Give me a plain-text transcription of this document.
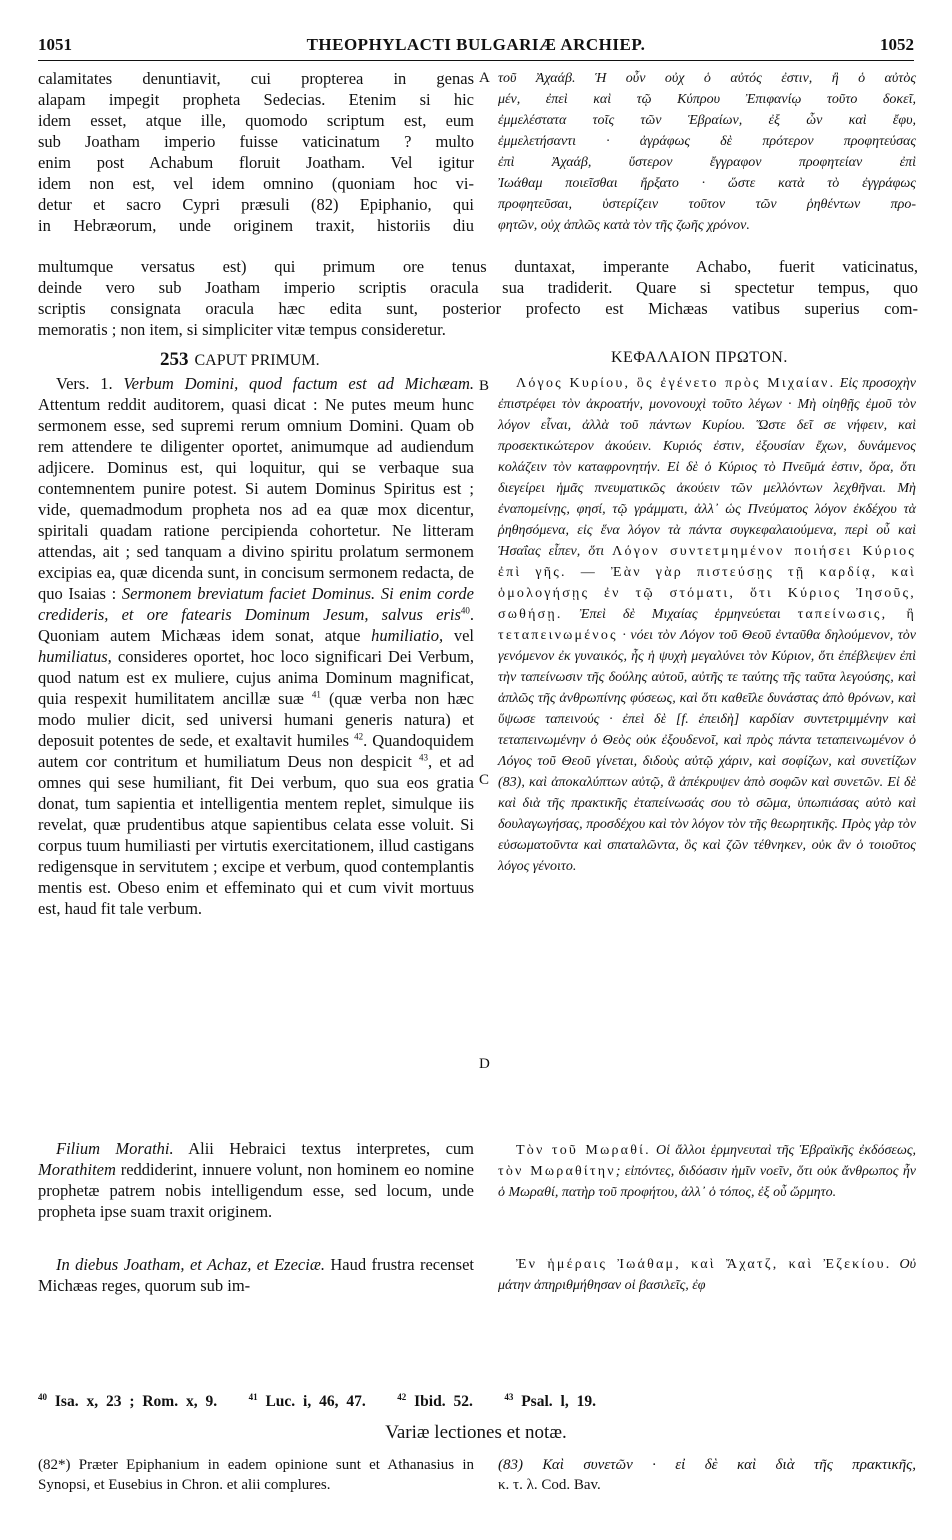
1051	THEOPHYLACTI BULGARIÆ ARCHIEP.	1052

calamitates denuntiavit, cui propterea in genas

alapam impegit propheta Sedecias. Etenim si hic

idem esset, atque ille, quomodo scriptum est, eum

sub Joatham imperio fuisse vaticinatum ? multo

enim post Achabum floruit Joatham. Vel igitur

idem non est, vel idem omnino (quoniam hoc vi-

detur et sacro Cypri præsuli (82) Epiphanio, qui

in Hebræorum, unde originem traxit, historiis diu

A τοῦ Ἀχαάβ. Ἡ οὖν οὐχ ὁ αὐτός ἐστιν, ἢ ὁ αὐτὸς

μέν, ἐπεὶ καὶ τῷ Κύπρου Ἐπιφανίῳ τοῦτο δοκεῖ,

ἐμμελέστατα τοῖς τῶν Ἑβραίων, ἐξ ὧν καὶ ἔφυ,

ἐμμελετήσαντι · ἀγράφως δὲ πρότερον προφητεύσας

ἐπὶ Ἀχαάβ, ὕστερον ἔγγραφον προφητείαν ἐπὶ

Ἰωάθαμ ποιεῖσθαι ἤρξατο · ὥστε κατὰ τὸ ἐγγράφως

προφητεῦσαι, ὑστερίζειν τοῦτον τῶν ῥηθέντων προ-

φητῶν, οὐχ ἁπλῶς κατὰ τὸν τῆς ζωῆς χρόνον.

multumque versatus est) qui primum ore tenus duntaxat, imperante Achabo, fuerit vaticinatus,

deinde vero sub Joatham imperio scriptis oracula sua tradiderit. Quare si spectetur tempus, quo

scriptis consignata oracula hæc edita sunt, posterior profecto est Michæas vatibus superius com-

memoratis ; non item, si simpliciter vitæ tempus consideretur.

253 CAPUT PRIMUM.	ΚΕΦΑΛΑΙΟΝ ΠΡΩΤΟΝ.

Vers. 1. Verbum Domini, quod factum est ad Michæam. Attentum reddit auditorem, quasi dicat : Ne putes meum hunc sermonem esse, sed supremi rerum omnium Domini. Quam ob rem attendere te diligenter oportet, animumque ad audiendum adjicere. Dominus est, qui loquitur, qui se verbaque sua contemnentem punire potest. Si autem Dominus Spiritus est ; vide, quemadmodum propheta nos ad ea quæ mox dicentur, spiritali quadam ratione percipienda cohortetur. Ne litteram attendas, ait ; sed tanquam a divino spiritu prolatum sermonem excipias ea, quæ dicenda sunt, in concisum sermonem redacta, de quo Isaias : Sermonem breviatum faciet Dominus. Si enim corde credideris, et ore fatearis Dominum Jesum, salvus eris$^{40}$. Quoniam autem Michæas idem sonat, atque humiliatio, vel humiliatus, consideres oportet, hoc loco significari Dei Verbum, quod natum est ex muliere, cujus anima Dominum magnificat, quia respexit humilitatem ancillæ suæ $^{41}$ (quæ verba non hæc modo mulier dicit, sed universi humani generis natura) et deposuit potentes de sede, et exaltavit humiles $^{42}$. Quandoquidem autem cor contritum et humiliatum Deus non despicit $^{43}$, et ad omnes qui sese humiliant, fit Dei verbum, quo sua eos gratia donat, tum sapientia et intelligentia mentem replet, simulque iis revelat, quæ prudentibus atque sapientibus celata esse voluit. Si corpus tuum humiliasti per virtutis exercitationem, illud castigans redigensque in servitutem ; excipe et verbum, quod contemplantis mentis est. Obeso enim et effeminato qui et cum vivit mortuus est, haud fit tale verbum.

B	Λόγος Κυρίου, ὃς ἐγένετο πρὸς Μιχαίαν. Εἰς προσοχὴν ἐπιστρέφει τὸν ἀκροατήν, μονονουχὶ τοῦτο λέγων · Μὴ οἰηθῇς ἐμοῦ τὸν λόγον εἶναι, ἀλλὰ τοῦ πάντων Κυρίου. Ὥστε δεῖ σε νήφειν, καὶ προσεκτικώτερον ἀκούειν. Κυριός ἐστιν, ἐξουσίαν ἔχων, δυνάμενος κολάζειν τὸν καταφρονητήν. Εἰ δὲ ὁ Κύριος τὸ Πνεῦμά ἐστιν, ὅρα, ὅτι διεγείρει ἡμᾶς πνευματικῶς ἀκούειν τῶν μελλόντων λεχθῆναι. Μὴ ἐναπομείνῃς, φησί, τῷ γράμματι, ἀλλ᾽ ὡς Πνεύματος λόγον ἐκδέχου τὰ ῥηθησόμενα, εἰς ἕνα λόγον τὰ πάντα συγκεφαλαιούμενα, περὶ οὗ καὶ Ἡσαΐας εἶπεν, ὅτι Λόγον συντετμημένον ποιήσει Κύριος ἐπὶ γῆς. — Ἐὰν γὰρ πιστεύσῃς τῇ καρδίᾳ, καὶ ὁμολογήσῃς ἐν τῷ στόματι, ὅτι Κύριος Ἰησοῦς, σωθήσῃ. Ἐπεὶ δὲ Μιχαίας ἑρμηνεύεται ταπείνωσις, ἢ τεταπεινωμένος · νόει τὸν Λόγον τοῦ Θεοῦ ἐνταῦθα δηλούμενον, τὸν γενόμενον ἐκ γυναικός, ἧς ἡ ψυχὴ μεγαλύνει τὸν Κύριον, ὅτι ἐπέβλεψεν ἐπὶ τὴν ταπείνωσιν τῆς δούλης αὐτοῦ, αὐτῆς τε ταύτης τῆς ταῦτα λεγούσης, καὶ ἁπλῶς τῆς ἀνθρωπίνης φύσεως, καὶ ὅτι καθεῖλε δυνάστας ἀπὸ θρόνων, καὶ ὕψωσε ταπεινούς · ἐπεὶ δὲ [f. ἐπειδὴ] καρδίαν συντετριμμένην καὶ τεταπεινωμένην ὁ Θεὸς οὐκ ἐξουδενοῖ, καὶ πρὸς πάντα τεταπεινωμένον ὁ Λόγος τοῦ Θεοῦ γίνεται, διδοὺς αὐτῷ χάριν, καὶ σοφίζων, καὶ συνετίζων (83), καὶ ἀποκαλύπτων αὐτῷ, ἃ ἀπέκρυψεν ἀπὸ σοφῶν καὶ συνετῶν. Εἰ δὲ καὶ διὰ τῆς πρακτικῆς ἐταπείνωσάς σου τὸ σῶμα, ὑπωπιάσας αὐτὸ καὶ δουλαγωγήσας, προσδέχου καὶ τὸν λόγον τὸν τῆς θεωρητικῆς. Πρὸς γὰρ τὸν εὐσωματοῦντα καὶ σπαταλῶντα, ὃς καὶ ζῶν τέθνηκεν, οὐκ ἂν ὁ τοιοῦτος λόγος γένοιτο.

C
D

Filium Morathi. Alii Hebraici textus interpretes, cum Morathitem reddiderint, innuere volunt, non hominem eo nomine prophetæ patrem nobis intelligendum esse, sed locum, unde propheta ipse suam traxit originem.

Τὸν τοῦ Μωραθί. Οἱ ἄλλοι ἑρμηνευταὶ τῆς Ἑβραϊκῆς ἐκδόσεως, τὸν Μωραθίτην; εἰπόντες, διδόασιν ἡμῖν νοεῖν, ὅτι οὐκ ἄνθρωπος ἦν ὁ Μωραθί, πατὴρ τοῦ προφήτου, ἀλλ᾽ ὁ τόπος, ἐξ οὗ ὥρμητο.

In diebus Joatham, et Achaz, et Ezeciæ. Haud frustra recenset Michæas reges, quorum sub im-

Ἐν ἡμέραις Ἰωάθαμ, καὶ Ἄχατζ, καὶ Ἐζεκίου. Οὐ μάτην ἀπηριθμήθησαν οἱ βασιλεῖς, ἐφ

$^{40}$ Isa. x, 23 ; Rom. x, 9.	$^{41}$ Luc. i, 46, 47.	$^{42}$ Ibid. 52.	$^{43}$ Psal. l, 19.
Variæ lectiones et notæ.

(82*) Præter Epiphanium in eadem opinione sunt et Athanasius in Synopsi, et Eusebius in Chron. et alii complures.

(83) Καὶ συνετῶν · εἰ δὲ καὶ διὰ τῆς πρακτικῆς,

κ. τ. λ. Cod. Bav.
